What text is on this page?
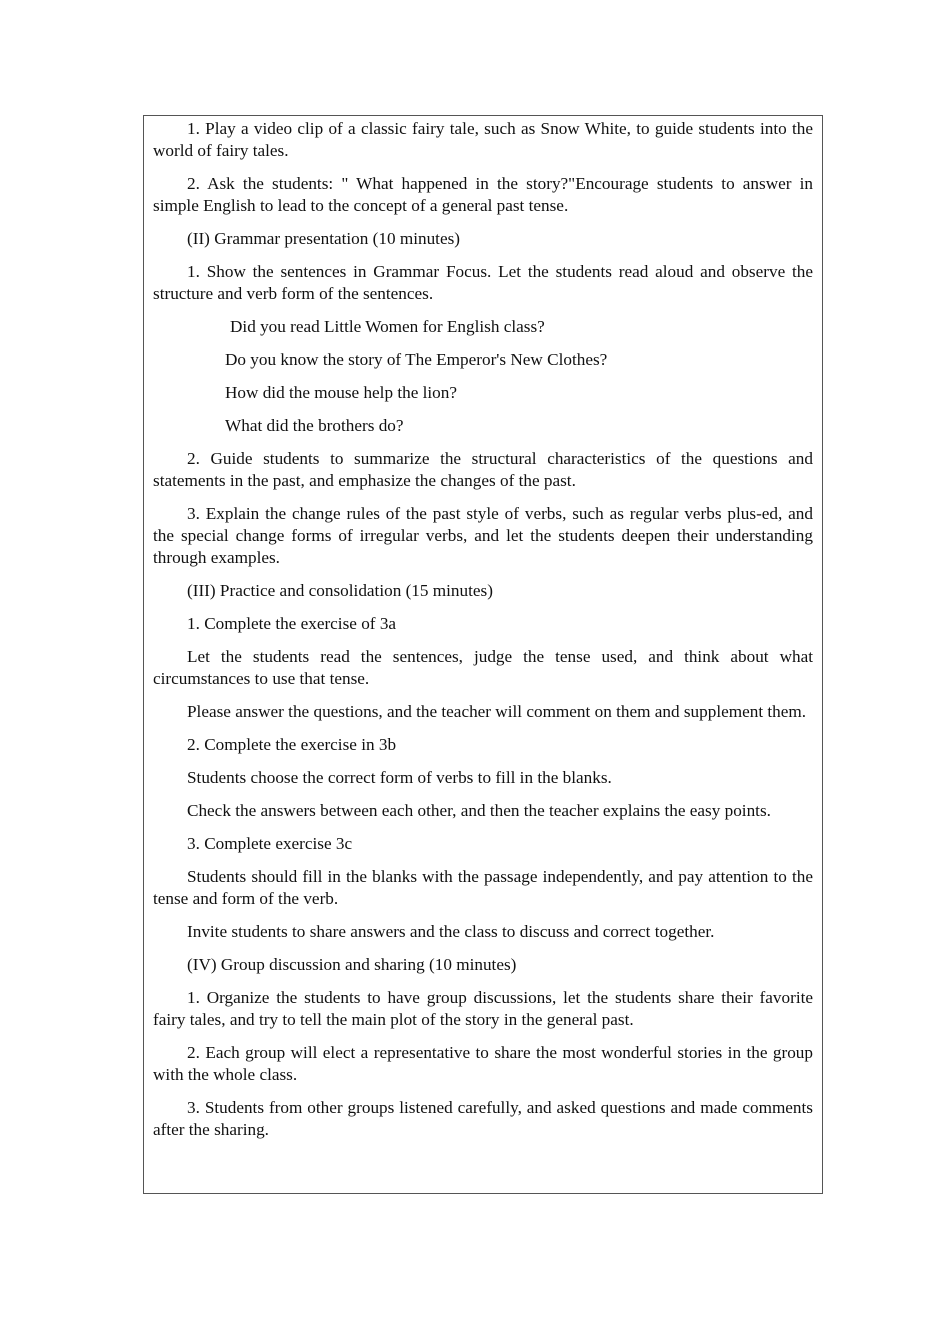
1. Play a video clip of a classic fairy tale, such as Snow White, to guide students into the world of fairy tales.

2. Ask the students: " What happened in the story?"Encourage students to answer in simple English to lead to the concept of a general past tense.

(II) Grammar presentation (10 minutes)

1. Show the sentences in Grammar Focus. Let the students read aloud and observe the structure and verb form of the sentences.

Did you read Little Women for English class?

Do you know the story of The Emperor's New Clothes?

How did the mouse help the lion?

What did the brothers do?

2. Guide students to summarize the structural characteristics of the questions and statements in the past, and emphasize the changes of the past.

3. Explain the change rules of the past style of verbs, such as regular verbs plus-ed, and the special change forms of irregular verbs, and let the students deepen their understanding through examples.

(III) Practice and consolidation (15 minutes)

1. Complete the exercise of 3a

Let the students read the sentences, judge the tense used, and think about what circumstances to use that tense.

Please answer the questions, and the teacher will comment on them and supplement them.

2. Complete the exercise in 3b

Students choose the correct form of verbs to fill in the blanks.

Check the answers between each other, and then the teacher explains the easy points.

3. Complete exercise 3c

Students should fill in the blanks with the passage independently, and pay attention to the tense and form of the verb.

Invite students to share answers and the class to discuss and correct together.

(IV) Group discussion and sharing (10 minutes)

1. Organize the students to have group discussions, let the students share their favorite fairy tales, and try to tell the main plot of the story in the general past.

2. Each group will elect a representative to share the most wonderful stories in the group with the whole class.

3. Students from other groups listened carefully, and asked questions and made comments after the sharing.
